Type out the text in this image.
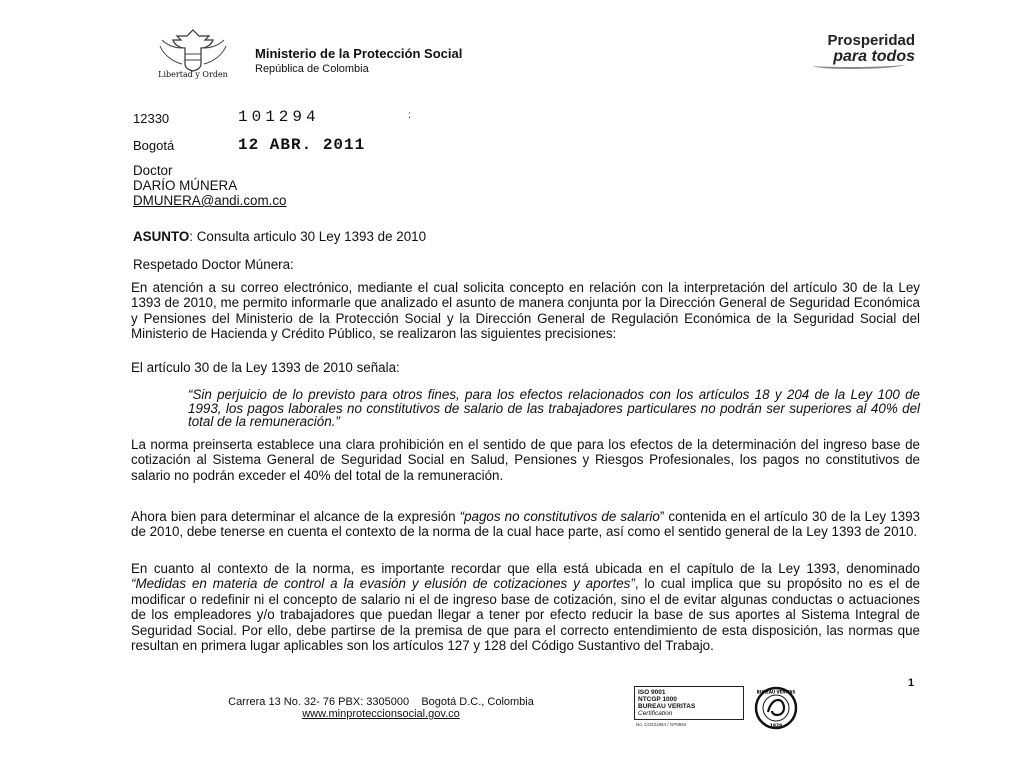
Libertad y Orden
Ministerio de la Protección Social
República de Colombia
Prosperidad
para todos
12330	101294	:
Bogotá	12 ABR. 2011
Doctor
DARÍO MÚNERA
DMUNERA@andi.com.co
ASUNTO: Consulta articulo 30 Ley 1393 de 2010
Respetado Doctor Múnera:
En atención a su correo electrónico, mediante el cual solicita concepto en relación con la interpretación del artículo 30 de la Ley 1393 de 2010, me permito informarle que analizado el asunto de manera conjunta por la Dirección General de Seguridad Económica y Pensiones del Ministerio de la Protección Social y la Dirección General de Regulación Económica de la Seguridad Social del Ministerio de Hacienda y Crédito Público, se realizaron las siguientes precisiones:
El artículo 30 de la Ley 1393 de 2010 señala:
“Sin perjuicio de lo previsto para otros fines, para los efectos relacionados con los artículos 18 y 204 de la Ley 100 de 1993, los pagos laborales no constitutivos de salario de las trabajadores particulares no podrán ser superiores al 40% del total de la remuneración.”
La norma preinserta establece una clara prohibición en el sentido de que para los efectos de la determinación del ingreso base de cotización al Sistema General de Seguridad Social en Salud, Pensiones y Riesgos Profesionales, los pagos no constitutivos de salario no podrán exceder el 40% del total de la remuneración.
Ahora bien para determinar el alcance de la expresión “pagos no constitutivos de salario” contenida en el artículo 30 de la Ley 1393 de 2010, debe tenerse en cuenta el contexto de la norma de la cual hace parte, así como el sentido general de la Ley 1393 de 2010.
En cuanto al contexto de la norma, es importante recordar que ella está ubicada en el capítulo de la Ley 1393, denominado “Medidas en materia de control a la evasión y elusión de cotizaciones y aportes”, lo cual implica que su propósito no es el de modificar o redefinir ni el concepto de salario ni el de ingreso base de cotización, sino el de evitar algunas conductas o actuaciones de los empleadores y/o trabajadores que puedan llegar a tener por efecto reducir la base de sus aportes al Sistema Integral de Seguridad Social. Por ello, debe partirse de la premisa de que para el correcto entendimiento de esta disposición, las normas que resultan en primera lugar aplicables son los artículos 127 y 128 del Código Sustantivo del Trabajo.
1
Carrera 13 No. 32- 76 PBX: 3305000    Bogotá D.C., Colombia
www.minproteccionsocial.gov.co
ISO 9001
NTCGP 1000
BUREAU VERITAS
Certification
No. CO231984 / GP0694	1828
BUREAU VERITAS
